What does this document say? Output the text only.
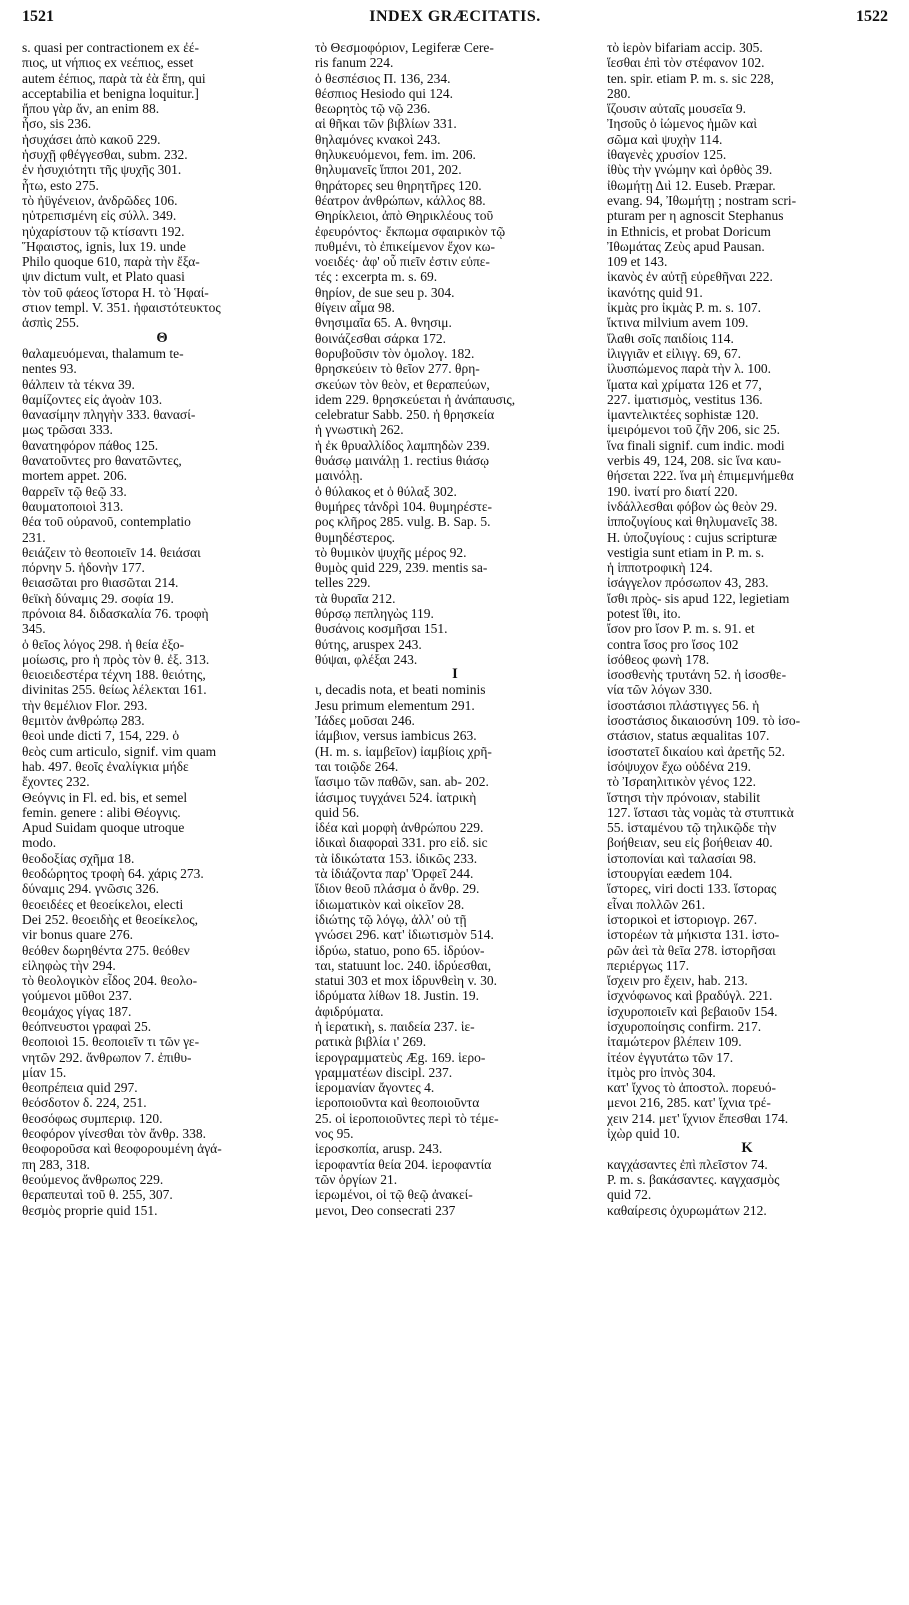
1521	INDEX GRÆCITATIS.	1522
s. quasi per contractionem ex ἐέ-
πιος, ut νήπιος ex νεέπιος, esset
autem ἐέπιος, παρὰ τὰ ἐὰ ἔπη, qui
acceptabilia et benigna loquitur.]
ἤπου γὰρ ἄν, an enim 88.
ἦσο, sis 236.
ἡσυχάσει ἀπὸ κακοῦ 229.
ἡσυχῇ φθέγγεσθαι, subm. 232.
ἐν ἡσυχιότητι τῆς ψυχῆς 301.
ἦτω, esto 275.
τὸ ἠϋγένειον, ἀνδρῶδες 106.
ηὐτρεπισμένη εἰς σύλλ. 349.
ηὐχαρίστουν τῷ κτίσαντι 192.
Ἥφαιστος, ignis, lux 19. unde
Philo quoque 610, παρὰ τὴν ἔξα-
ψιν dictum vult, et Plato quasi
τὸν τοῦ φάεος ἵστορα H. τὸ Ἡφαί-
στιον templ. V. 351. ἡφαιστότευκτος
ἀσπὶς 255.
Θ
θαλαμευόμεναι, thalamum te-
nentes 93.
θάλπειν τὰ τέκνα 39.
θαμίζοντες εἰς ἀγοὰν 103.
θανασίμην πληγὴν 333. θανασί-
μως τρῶσαι 333.
θανατηφόρον πάθος 125.
θανατοῦντες pro θανατῶντες,
mortem appet. 206.
θαρρεῖν τῷ θεῷ 33.
θαυματοποιοὶ 313.
θέα τοῦ οὐρανοῦ, contemplatio
231.
θειάζειν τὸ θεοποιεῖν 14. θειάσαι
πόρνην 5. ἡδονὴν 177.
θειασῶται pro θιασῶται 214.
θεϊκὴ δύναμις 29. σοφία 19.
πρόνοια 84. διδασκαλία 76. τροφὴ
345.
ὁ θεῖος λόγος 298. ἡ θεία ἐξο-
μοίωσις, pro ἡ πρὸς τὸν θ. ἐξ. 313.
θειοειδεστέρα τέχνη 188. θειότης,
divinitas 255. θείως λέλεκται 161.
τὴν θεμέλιον Flor. 293.
θεμιτὸν ἀνθρώπῳ 283.
θεοὶ unde dicti 7, 154, 229. ὁ
θεὸς cum articulo, signif. vim quam
hab. 497. θεοῖς ἐναλίγκια μήδε
ἔχοντες 232.
Θεόγνις in Fl. ed. bis, et semel
femin. genere : alibi Θέογνις.
Apud Suidam quoque utroque
modo.
θεοδοξίας σχῆμα 18.
θεοδώρητος τροφὴ 64. χάρις 273.
δύναμις 294. γνῶσις 326.
θεοειδέες et θεοείκελοι, electi
Dei 252. θεοειδὴς et θεοείκελος,
vir bonus quare 276.
θεόθεν δωρηθέντα 275. θεόθεν
εἰληφὼς τὴν 294.
τὸ θεολογικὸν εἶδος 204. θεολο-
γούμενοι μῦθοι 237.
θεομάχος γίγας 187.
θεόπνευστοι γραφαὶ 25.
θεοποιοὶ 15. θεοποιεῖν τι τῶν γε-
νητῶν 292. ἄνθρωπον 7. ἐπιθυ-
μίαν 15.
θεοπρέπεια quid 297.
θεόσδοτον δ. 224, 251.
θεοσόφως συμπεριφ. 120.
θεοφόρον γίνεσθαι τὸν ἄνθρ. 338.
θεοφοροῦσα καὶ θεοφορουμένη ἀγά-
πη 283, 318.
θεούμενος ἄνθρωπος 229.
θεραπευταὶ τοῦ θ. 255, 307.
θεσμὸς proprie quid 151.
τὸ Θεσμοφόριον, Legiferæ Cere-
ris fanum 224.
ὁ θεσπέσιος Π. 136, 234.
θέσπιος Hesiodo qui 124.
θεωρητὸς τῷ νῷ 236.
αἱ θῆκαι τῶν βιβλίων 331.
θηλαμόνες κνακοὶ 243.
θηλυκευόμενοι, fem. im. 206.
θηλυμανεῖς ἵπποι 201, 202.
θηράτορες seu θηρητῆρες 120.
θέατρον ἀνθρώπων, κάλλος 88.
Θηρίκλειοι, ἀπὸ Θηρικλέους τοῦ
ἐφευρόντος· ἔκπωμα σφαιρικὸν τῷ
πυθμένι, τὸ ἐπικείμενον ἔχον κω-
νοειδές· ἀφ' οὗ πιεῖν ἐστιν εὐπε-
τές : excerpta m. s. 69.
θηρίον, de sue seu p. 304.
θίγειν αἷμα 98.
θνησιμαῖα 65. A. θνησιμ.
θοινάζεσθαι σάρκα 172.
θορυβοῦσιν τὸν ὁμολογ. 182.
θρησκεύειν τὸ θεῖον 277. θρη-
σκεύων τὸν θεὸν, et θεραπεύων,
idem 229. θρησκεύεται ἡ ἀνάπαυσις,
celebratur Sabb. 250. ἡ θρησκεία
ἡ γνωστικὴ 262.
ἡ ἐκ θρυαλλίδος λαμπηδὼν 239.
θυάσῳ μαινάλῃ 1. rectius θιάσῳ
μαινόλῃ.
ὁ θύλακος et ὁ θύλαξ 302.
θυμήρες τἀνδρὶ 104. θυμηρέστε-
ρος κλῆρος 285. vulg. B. Sap. 5.
θυμηδέστερος.
τὸ θυμικὸν ψυχῆς μέρος 92.
θυμὸς quid 229, 239. mentis sa-
telles 229.
τὰ θυραῖα 212.
θύρσῳ πεπληγὼς 119.
θυσάνοις κοσμῆσαι 151.
θύτης, aruspex 243.
θύψαι, φλέξαι 243.
I
ι, decadis nota, et beati nominis
Jesu primum elementum 291.
Ἰάδες μοῦσαι 246.
ἰάμβιον, versus iambicus 263.
(H. m. s. ἰαμβεῖον) ἰαμβίοις χρῆ-
ται τοιῷδε 264.
ἴασιμο τῶν παθῶν, san. ab- 202.
ἰάσιμος τυγχάνει 524. ἰατρικὴ
quid 56.
ἰδέα καὶ μορφὴ ἀνθρώπου 229.
ἰδικαὶ διαφοραὶ 331. pro εἰδ. sic
τὰ ἰδικώτατα 153. ἰδικῶς 233.
τὰ ἰδιάζοντα παρ' Ὀρφεῖ 244.
ἴδιον θεοῦ πλάσμα ὁ ἄνθρ. 29.
ἰδιωματικὸν καὶ οἰκεῖον 28.
ἰδιώτης τῷ λόγῳ, ἀλλ' οὐ τῇ
γνώσει 296. κατ' ἰδιωτισμὸν 514.
ἱδρύω, statuo, pono 65. ἱδρύον-
ται, statuunt loc. 240. ἱδρύεσθαι,
statui 303 et mox ἱδρυνθεὶη v. 30.
ἱδρύματα λίθων 18. Justin. 19.
ἀφιδρύματα.
ἡ ἱερατικὴ, s. παιδεία 237. ἱε-
ρατικὰ βιβλία ι' 269.
ἱερογραμματεὺς Æg. 169. ἱερο-
γραμματέων discipl. 237.
ἱερομανίαν ἄγοντες 4.
ἱεροποιοῦντα καὶ θεοποιοῦντα
25. οἱ ἱεροποιοῦντες περὶ τὸ τέμε-
νος 95.
ἱεροσκοπία, arusp. 243.
ἱεροφαντία θεία 204. ἱεροφαντία
τῶν ὀργίων 21.
ἱερωμένοι, οἱ τῷ θεῷ ἀνακεί-
μενοι, Deo consecrati 237
τὸ ἱερὸν bifariam accip. 305.
ἵεσθαι ἐπὶ τὸν στέφανον 102.
ten. spir. etiam P. m. s. sic 228,
280.
ἵζουσιν αὐταῖς μουσεῖα 9.
Ἰησοῦς ὁ ἰώμενος ἡμῶν καὶ
σῶμα καὶ ψυχὴν 114.
ἰθαγενὲς χρυσίον 125.
ἰθὺς τὴν γνώμην καὶ ὀρθὸς 39.
ἰθωμήτῃ Διὶ 12. Euseb. Præpar.
evang. 94, Ἰθωμήτῃ ; nostram scri-
pturam per η agnoscit Stephanus
in Ethnicis, et probat Doricum
Ἰθωμάτας Ζεὺς apud Pausan.
109 et 143.
ἱκανὸς ἐν αὐτῇ εὑρεθῆναι 222.
ἱκανότης quid 91.
ἰκμὰς pro ἰκμὰς P. m. s. 107.
ἴκτινα milvium avem 109.
ἴλαθι σοῖς παιδίοις 114.
ἰλιγγιᾶν et εἰλιγγ. 69, 67.
ἰλυσπώμενος παρὰ τὴν λ. 100.
ἵματα καὶ χρίματα 126 et 77,
227. ἱματισμὸς, vestitus 136.
ἱμαντελικτέες sophistæ 120.
ἱμειρόμενοι τοῦ ζῆν 206, sic 25.
ἵνα finali signif. cum indic. modi
verbis 49, 124, 208. sic ἵνα καυ-
θήσεται 222. ἵνα μὴ ἐπιμεμνήμεθα
190. ἱνατί pro διατί 220.
ἰνδάλλεσθαι φόβον ὡς θεὸν 29.
ἱπποζυγίους καὶ θηλυμανεῖς 38.
H. ὑποζυγίους : cujus scripturæ
vestigia sunt etiam in P. m. s.
ἡ ἱπποτροφικὴ 124.
ἰσάγγελον πρόσωπον 43, 283.
ἴσθι πρὸς- sis apud 122, legietiam
potest ἴθι, ito.
ἴσον pro ἴσον P. m. s. 91. et
contra ἴσος pro ἴσος 102
ἰσόθεος φωνὴ 178.
ἰσοσθενὴς τρυτάνη 52. ἡ ἰσοσθε-
νία τῶν λόγων 330.
ἰσοστάσιοι πλάστιγγες 56. ἡ
ἰσοστάσιος δικαιοσύνη 109. τὸ ἰσο-
στάσιον, status æqualitas 107.
ἰσοστατεῖ δικαίου καὶ ἀρετῆς 52.
ἰσόψυχον ἔχω οὐδένα 219.
τὸ Ἰσραηλιτικὸν γένος 122.
ἵστησι τὴν πρόνοιαν, stabilit
127. ἵστασι τὰς νομὰς τὰ στυπτικὰ
55. ἱσταμένου τῷ τηλικῷδε τὴν
βοήθειαν, seu εἰς βοήθειαν 40.
ἱστοπονίαι καὶ ταλασίαι 98.
ἱστουργίαι eædem 104.
ἵστορες, viri docti 133. ἵστορας
εἶναι πολλῶν 261.
ἱστορικοὶ et ἱστοριογρ. 267.
ἱστορέων τὰ μήκιστα 131. ἱστο-
ρῶν ἀεὶ τὰ θεῖα 278. ἱστορῆσαι
περιέργως 117.
ἴσχειν pro ἔχειν, hab. 213.
ἰσχνόφωνος καὶ βραδύγλ. 221.
ἰσχυροποιεῖν καὶ βεβαιοῦν 154.
ἰσχυροποίησις confirm. 217.
ἰταμώτερον βλέπειν 109.
ἰτέον ἐγγυτάτω τῶν 17.
ἰτμὸς pro ἰπνὸς 304.
κατ' ἴχνος τὸ ἀποστολ. πορευό-
μενοι 216, 285. κατ' ἴχνια τρέ-
χειν 214. μετ' ἴχνιον ἔπεσθαι 174.
ἰχὼρ quid 10.
K
καγχάσαντες ἐπὶ πλεῖστον 74.
P. m. s. βακάσαντες. καγχασμὸς
quid 72.
καθαίρεσις ὀχυρωμάτων 212.
